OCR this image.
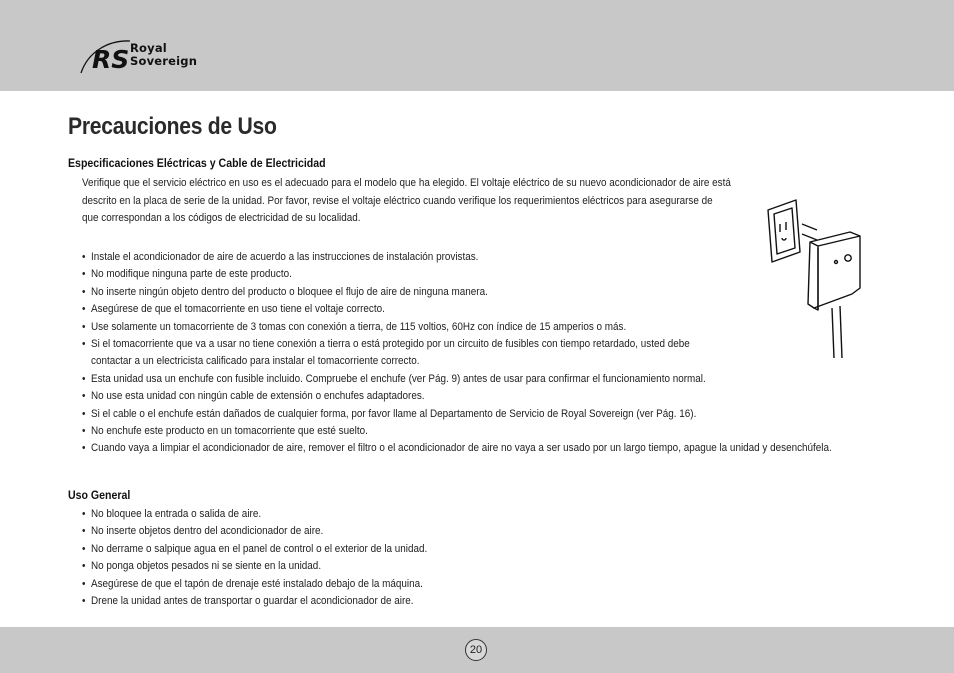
RS Royal
Sovereign
Precauciones de Uso
Especificaciones Eléctricas y Cable de Electricidad

Verifique que el servicio eléctrico en uso es el adecuado para el modelo que ha elegido. El voltaje eléctrico de su nuevo acondicionador de aire está
descrito en la placa de serie de la unidad. Por favor, revise el voltaje eléctrico cuando verifique los requerimientos eléctricos para asegurarse de
que correspondan a los códigos de electricidad de su localidad.

• Instale el acondicionador de aire de acuerdo a las instrucciones de instalación provistas.
• No modifique ninguna parte de este producto.
• No inserte ningún objeto dentro del producto o bloquee el flujo de aire de ninguna manera.
• Asegúrese de que el tomacorriente en uso tiene el voltaje correcto.
• Use solamente un tomacorriente de 3 tomas con conexión a tierra, de 115 voltios, 60Hz con índice de 15 amperios o más.
• Si el tomacorriente que va a usar no tiene conexión a tierra o está protegido por un circuito de fusibles con tiempo retardado, usted debe
contactar a un electricista calificado para instalar el tomacorriente correcto.
• Esta unidad usa un enchufe con fusible incluido. Compruebe el enchufe (ver Pág. 9) antes de usar para confirmar el funcionamiento normal.
• No use esta unidad con ningún cable de extensión o enchufes adaptadores.
• Si el cable o el enchufe están dañados de cualquier forma, por favor llame al Departamento de Servicio de Royal Sovereign (ver Pág. 16).
• No enchufe este producto en un tomacorriente que esté suelto.
• Cuando vaya a limpiar el acondicionador de aire, remover el filtro o el acondicionador de aire no vaya a ser usado por un largo tiempo, apague la unidad y desenchúfela.
Uso General
• No bloquee la entrada o salida de aire.
• No inserte objetos dentro del acondicionador de aire.
• No derrame o salpique agua en el panel de control o el exterior de la unidad.
• No ponga objetos pesados ni se siente en la unidad.
• Asegúrese de que el tapón de drenaje esté instalado debajo de la máquina.
• Drene la unidad antes de transportar o guardar el acondicionador de aire.
20
